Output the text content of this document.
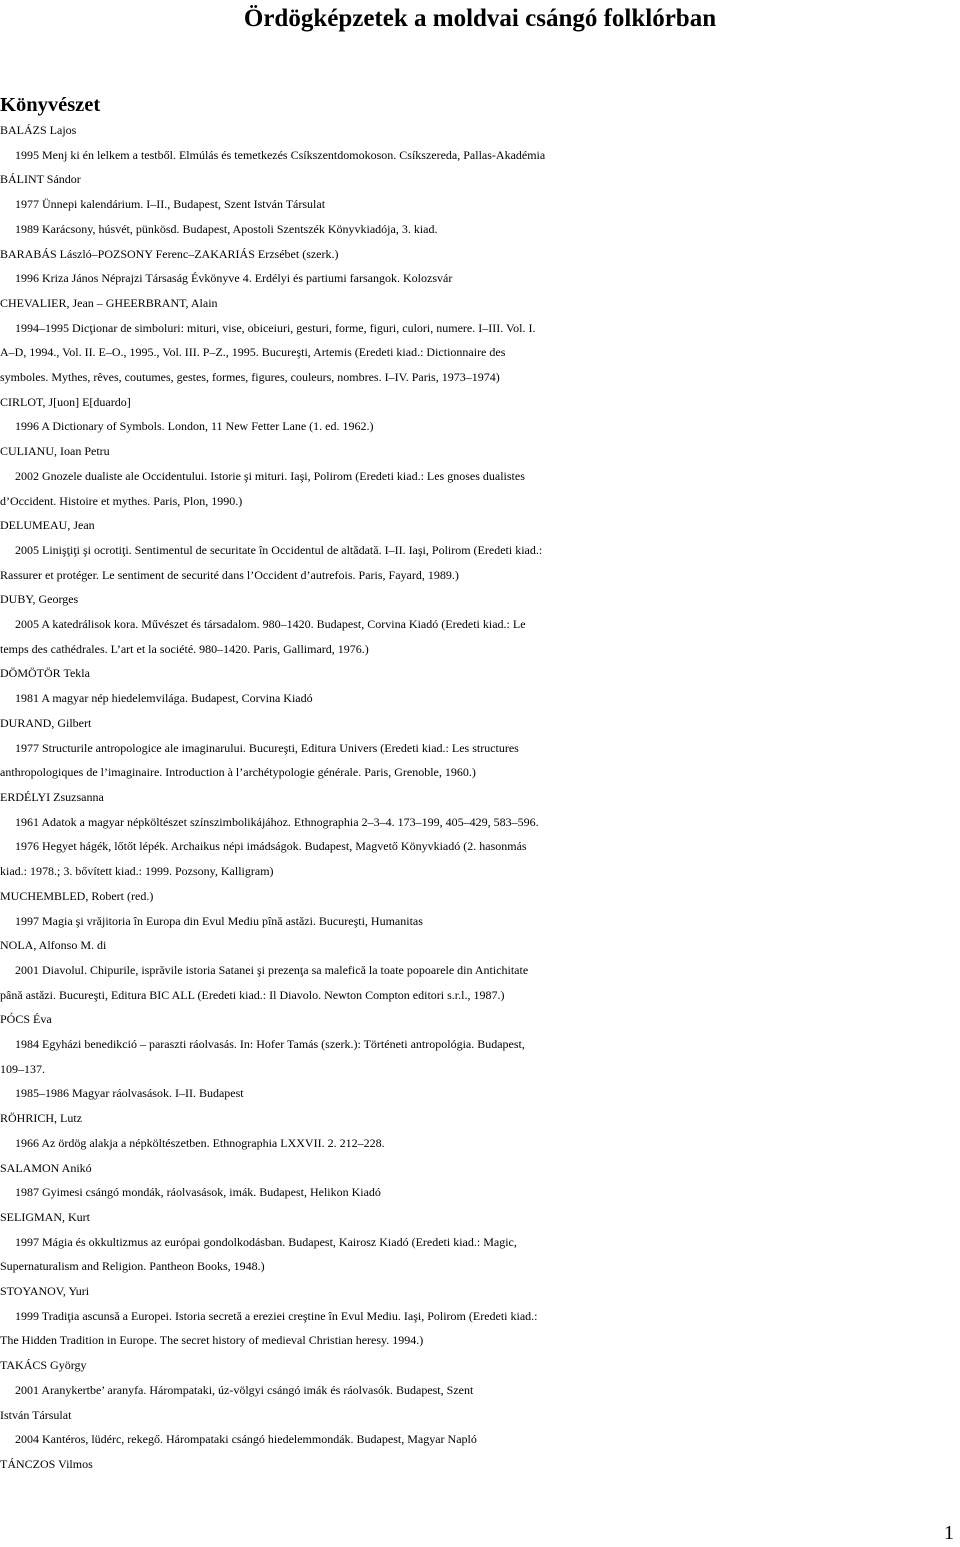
Ördögképzetek a moldvai csángó folklórban
Könyvészet
BALÁZS Lajos
1995 Menj ki én lelkem a testből. Elmúlás és temetkezés Csíkszentdomokoson. Csíkszereda, Pallas-Akadémia
BÁLINT Sándor
1977 Ünnepi kalendárium. I–II., Budapest, Szent István Társulat
1989 Karácsony, húsvét, pünkösd. Budapest, Apostoli Szentszék Könyvkiadója, 3. kiad.
BARABÁS László–POZSONY Ferenc–ZAKARIÁS Erzsébet (szerk.)
1996 Kriza János Néprajzi Társaság Évkönyve 4. Erdélyi és partiumi farsangok. Kolozsvár
CHEVALIER, Jean – GHEERBRANT, Alain
1994–1995 Dicţionar de simboluri: mituri, vise, obiceiuri, gesturi, forme, figuri, culori, numere. I–III. Vol. I.
A–D, 1994., Vol. II. E–O., 1995., Vol. III. P–Z., 1995. Bucureşti, Artemis (Eredeti kiad.: Dictionnaire des
symboles. Mythes, rêves, coutumes, gestes, formes, figures, couleurs, nombres. I–IV. Paris, 1973–1974)
CIRLOT, J[uon] E[duardo]
1996 A Dictionary of Symbols. London, 11 New Fetter Lane (1. ed. 1962.)
CULIANU, Ioan Petru
2002 Gnozele dualiste ale Occidentului. Istorie şi mituri. Iaşi, Polirom (Eredeti kiad.: Les gnoses dualistes
d’Occident. Histoire et mythes. Paris, Plon, 1990.)
DELUMEAU, Jean
2005 Linişţiţi şi ocrotiţi. Sentimentul de securitate în Occidentul de altădată. I–II. Iaşi, Polirom (Eredeti kiad.:
Rassurer et protéger. Le sentiment de securité dans l’Occident d’autrefois. Paris, Fayard, 1989.)
DUBY, Georges
2005 A katedrálisok kora. Művészet és társadalom. 980–1420. Budapest, Corvina Kiadó (Eredeti kiad.: Le
temps des cathédrales. L’art et la société. 980–1420. Paris, Gallimard, 1976.)
DÖMÖTÖR Tekla
1981 A magyar nép hiedelemvilága. Budapest, Corvina Kiadó
DURAND, Gilbert
1977 Structurile antropologice ale imaginarului. Bucureşti, Editura Univers (Eredeti kiad.: Les structures
anthropologiques de l’imaginaire. Introduction à l’archétypologie générale. Paris, Grenoble, 1960.)
ERDÉLYI Zsuzsanna
1961 Adatok a magyar népköltészet színszimbolikájához. Ethnographia 2–3–4. 173–199, 405–429, 583–596.
1976 Hegyet hágék, lőtőt lépék. Archaikus népi imádságok. Budapest, Magvető Könyvkiadó (2. hasonmás
kiad.: 1978.; 3. bővített kiad.: 1999. Pozsony, Kalligram)
MUCHEMBLED, Robert (red.)
1997 Magia şi vrăjitoria în Europa din Evul Mediu pînă astăzi. Bucureşti, Humanitas
NOLA, Alfonso M. di
2001 Diavolul. Chipurile, isprăvile istoria Satanei şi prezenţa sa malefică la toate popoarele din Antichitate
până astăzi. Bucureşti, Editura BIC ALL (Eredeti kiad.: Il Diavolo. Newton Compton editori s.r.l., 1987.)
PÓCS Éva
1984 Egyházi benedikció – paraszti ráolvasás. In: Hofer Tamás (szerk.): Történeti antropológia. Budapest,
109–137.
1985–1986 Magyar ráolvasások. I–II. Budapest
RÖHRICH, Lutz
1966 Az ördög alakja a népköltészetben. Ethnographia LXXVII. 2. 212–228.
SALAMON Anikó
1987 Gyimesi csángó mondák, ráolvasások, imák. Budapest, Helikon Kiadó
SELIGMAN, Kurt
1997 Mágia és okkultizmus az európai gondolkodásban. Budapest, Kairosz Kiadó (Eredeti kiad.: Magic,
Supernaturalism and Religion. Pantheon Books, 1948.)
STOYANOV, Yuri
1999 Tradiţia ascunsă a Europei. Istoria secretă a ereziei creştine în Evul Mediu. Iaşi, Polirom (Eredeti kiad.:
The Hidden Tradition in Europe. The secret history of medieval Christian heresy. 1994.)
TAKÁCS György
2001 Aranykertbe’ aranyfa. Hárompataki, úz-völgyi csángó imák és ráolvasók. Budapest, Szent
István Társulat
2004 Kantéros, lüdérc, rekegő. Hárompataki csángó hiedelemmondák. Budapest, Magyar Napló
TÁNCZOS Vilmos
1
